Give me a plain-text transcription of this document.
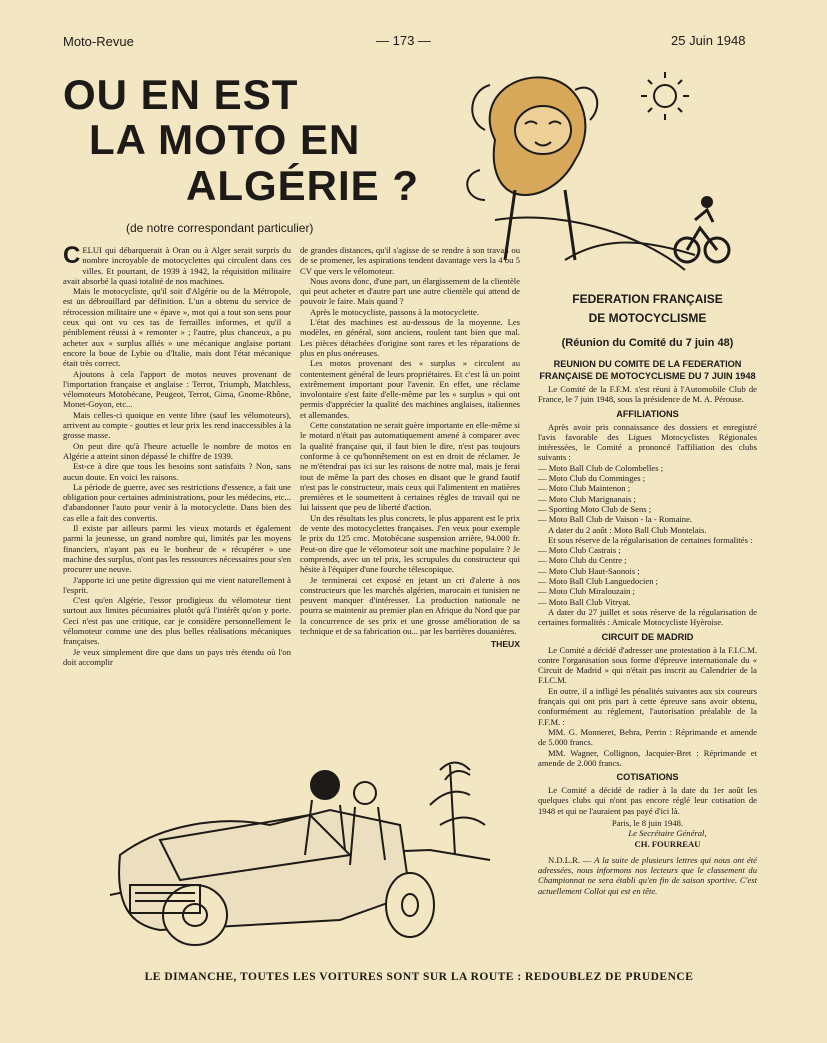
Moto-Revue	— 173 —	25 Juin 1948
OU EN EST
LA MOTO EN
ALGÉRIE ?
(de notre correspondant particulier)

CELUI qui débarquerait à Oran ou à Alger serait surpris du nombre incroyable de motocyclettes qui circulent dans ces villes. Et pourtant, de 1939 à 1942, la réquisition militaire avait absorbé la quasi totalité de nos machines.

Mais le motocycliste, qu'il soit d'Algérie ou de la Métropole, est un débrouillard par définition. L'un a obtenu du service de rétrocession militaire une « épave », mot qui a tout son sens pour ceux qui ont vu ces tas de ferrailles informes, et qu'il a péniblement réussi à « remonter » ; l'autre, plus chanceux, a pu acheter aux « surplus alliés » une mécanique anglaise portant encore la boue de Lybie ou d'Italie, mais dont l'état mécanique était très correct.

Ajoutons à cela l'apport de motos neuves provenant de l'importation française et anglaise : Terrot, Triumph, Matchless, vélomoteurs Motobécane, Peugeot, Terrot, Gima, Gnome-Rhône, Monet-Goyon, etc...

Mais celles-ci quoique en vente libre (sauf les vélomoteurs), arrivent au compte - gouttes et leur prix les rend inaccessibles à la grosse masse.

On peut dire qu'à l'heure actuelle le nombre de motos en Algérie a atteint sinon dépassé le chiffre de 1939.

Est-ce à dire que tous les besoins sont satisfaits ? Non, sans aucun doute. En voici les raisons.

La période de guerre, avec ses restrictions d'essence, a fait une obligation pour certaines administrations, pour les médecins, etc... d'abandonner l'auto pour venir à la motocyclette. Dans bien des cas elle a fait des convertis.

Il existe par ailleurs parmi les vieux motards et également parmi la jeunesse, un grand nombre qui, limités par les moyens financiers, n'ayant pas eu le bonheur de « récupérer » une machine des surplus, n'ont pas les ressources nécessaires pour s'en procurer une neuve.

J'apporte ici une petite digression qui me vient naturellement à l'esprit.

C'est qu'en Algérie, l'essor prodigieux du vélomoteur tient surtout aux limites pécuniaires plutôt qu'à l'intérêt qu'on y porte. Ceci n'est pas une critique, car je considère personnellement le vélomoteur comme une des plus belles réalisations mécaniques françaises.

Je veux simplement dire que dans un pays très étendu où l'on doit accomplir

de grandes distances, qu'il s'agisse de se rendre à son travail ou de se promener, les aspirations tendent davantage vers la 4 ou 5 CV que vers le vélomoteur.

Nous avons donc, d'une part, un élargissement de la clientèle qui peut acheter et d'autre part une autre clientèle qui attend de pouvoir le faire. Mais quand ?

Après le motocycliste, passons à la motocyclette.

L'état des machines est au-dessous de la moyenne. Les modèles, en général, sont anciens, roulent tant bien que mal. Les pièces détachées d'origine sont rares et les réparations de plus en plus onéreuses.

Les motos provenant des « surplus » circulent au contentement général de leurs propriétaires. Et c'est là un point extrêmement important pour l'avenir. En effet, une réclame involontaire s'est faite d'elle-même par les « surplus » qui ont permis d'apprécier la qualité des machines anglaises, italiennes et allemandes.

Cette constatation ne serait guère importante en elle-même si le motard n'était pas automatiquement amené à comparer avec la qualité française qui, il faut bien le dire, n'est pas toujours conforme à ce qu'honnêtement on est en droit de réclamer. Je ne m'étendrai pas ici sur les raisons de notre mal, mais je ferai tout de même la part des choses en disant que le grand fautif n'est pas le constructeur, mais ceux qui l'alimentent en matières premières et le soumettent à certaines règles de travail qui ne lui laissent que peu de liberté d'action.

Un des résultats les plus concrets, le plus apparent est le prix de vente des motocyclettes françaises. J'en veux pour exemple le prix du 125 cmc. Motobécane suspension arrière, 94.000 fr. Peut-on dire que le vélomoteur soit une machine populaire ? Je comprends, avec un tel prix, les scrupules du constructeur qui hésite à l'équiper d'une fourche télescopique.

Je terminerai cet exposé en jetant un cri d'alerte à nos constructeurs que les marchés algérien, marocain et tunisien ne peuvent manquer d'intéresser. La production nationale ne pourra se maintenir au premier plan en Afrique du Nord que par la concurrence de ses prix et une grosse amélioration de sa technique et de sa fabrication ou... par les barrières douanières.

THEUX
FEDERATION FRANÇAISE
DE MOTOCYCLISME
(Réunion du Comité du 7 juin 48)
REUNION DU COMITE DE LA FEDERATION FRANÇAISE DE MOTOCYCLISME DU 7 JUIN 1948

Le Comité de la F.F.M. s'est réuni à l'Automobile Club de France, le 7 juin 1948, sous la présidence de M. A. Pérouse.

AFFILIATIONS

Après avoir pris connaissance des dossiers et enregistré l'avis favorable des Ligues Motocyclistes Régionales intéressées, le Comité a prononcé l'affiliation des clubs suivants :

— Moto Ball Club de Colombelles ;
— Moto Club du Comminges ;
— Moto Club Maintenon ;
— Moto Club Marignanais ;
— Sporting Moto Club de Sens ;
— Moto Ball Club de Vaison - la - Romaine.

A dater du 2 août : Moto Ball Club Montelais.

Et sous réserve de la régularisation de certaines formalités :

— Moto Club Castrais ;
— Moto Club du Centre ;
— Moto Club Haut-Saonois ;
— Moto Ball Club Languedocien ;
— Moto Club Miralouzain ;
— Moto Ball Club Vitryat.

A dater du 27 juillet et sous réserve de la régularisation de certaines formalités : Amicale Motocycliste Hyèroise.

CIRCUIT DE MADRID

Le Comité a décidé d'adresser une protestation à la F.I.C.M. contre l'organisation sous forme d'épreuve internationale du « Circuit de Madrid » qui n'était pas inscrit au Calendrier de la F.I.C.M.

En outre, il a infligé les pénalités suivantes aux six coureurs français qui ont pris part à cette épreuve sans avoir obtenu, conformément au règlement, l'autorisation préalable de la F.F.M. :

MM. G. Monneret, Behra, Perrin : Réprimande et amende de 5.000 francs.

MM. Wagner, Collignon, Jacquier-Bret : Réprimande et amende de 2.000 francs.

COTISATIONS

Le Comité a décidé de radier à la date du 1er août les quelques clubs qui n'ont pas encore réglé leur cotisation de 1948 et qui ne l'auraient pas payé d'ici là.

Paris, le 8 juin 1948.
Le Secrétaire Général,
CH. FOURREAU

N.D.L.R. — A la suite de plusieurs lettres qui nous ont été adressées, nous informons nos lecteurs que le classement du Championnat ne sera établi qu'en fin de saison sportive. C'est actuellement Collot qui est en tête.

LE DIMANCHE, TOUTES LES VOITURES SONT SUR LA ROUTE : REDOUBLEZ DE PRUDENCE
